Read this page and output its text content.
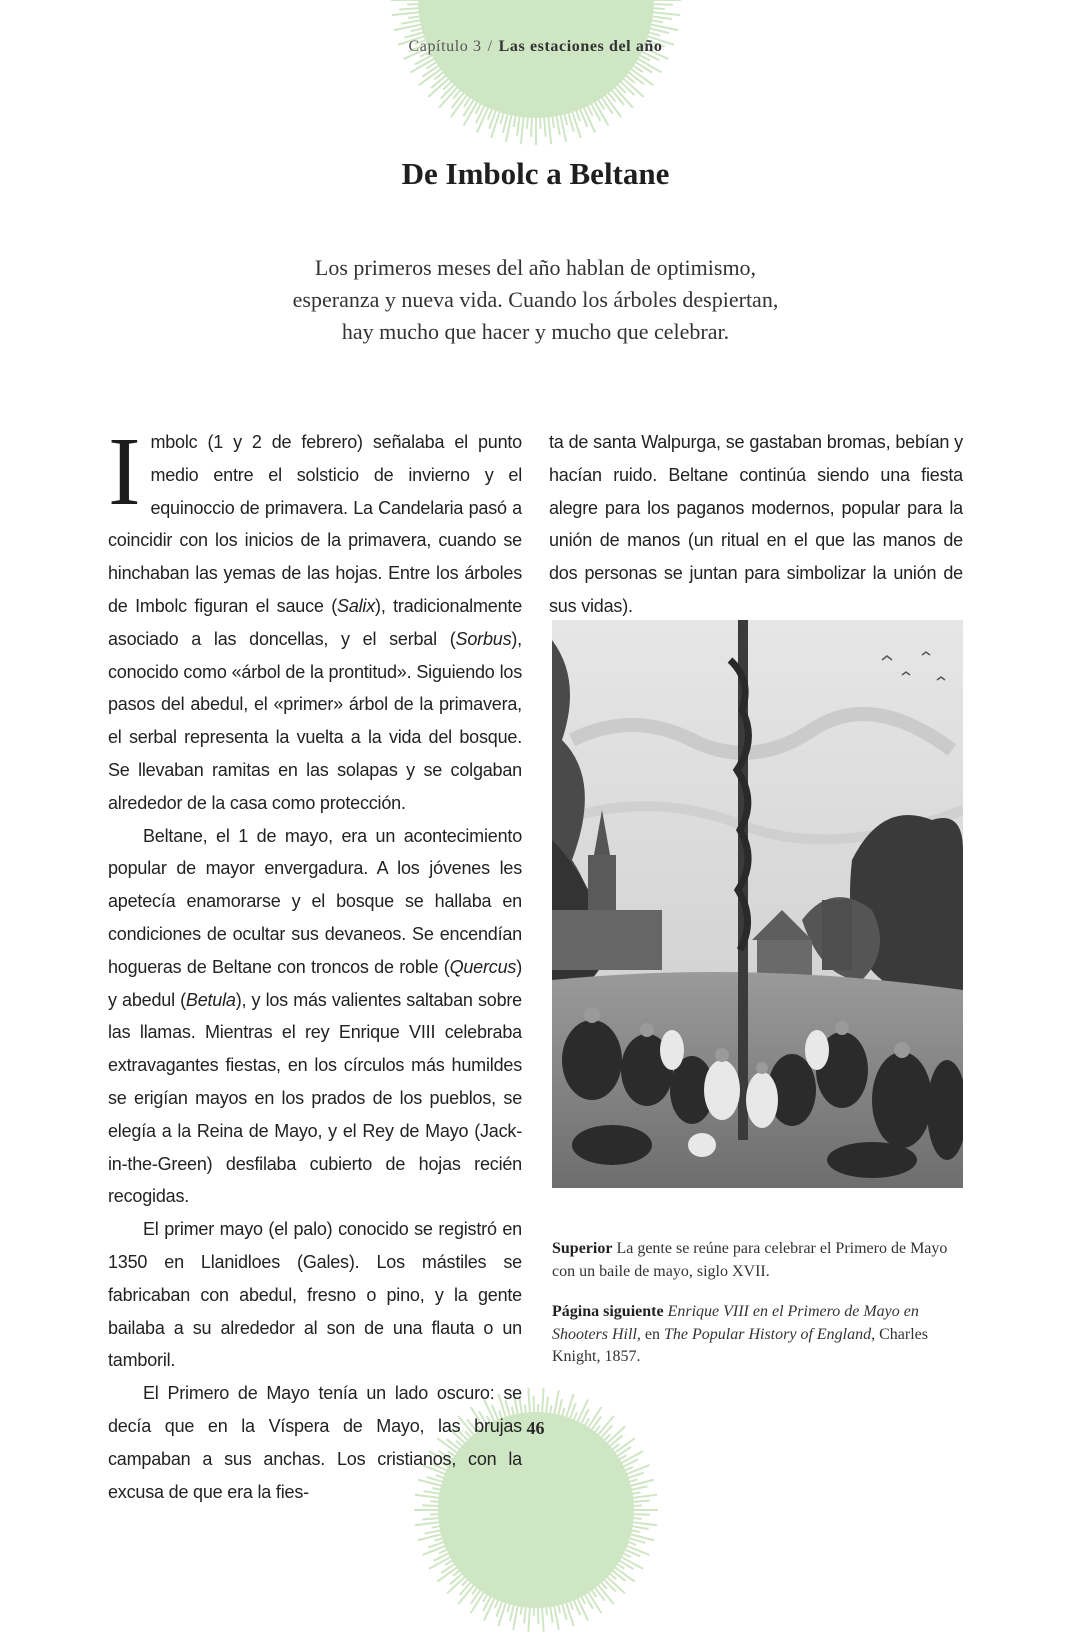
Capítulo 3 / Las estaciones del año
De Imbolc a Beltane
Los primeros meses del año hablan de optimismo,
esperanza y nueva vida. Cuando los árboles despiertan,
hay mucho que hacer y mucho que celebrar.

Imbolc (1 y 2 de febrero) señalaba el punto medio entre el solsticio de invierno y el equinoccio de primavera. La Candelaria pasó a coincidir con los inicios de la primavera, cuando se hinchaban las yemas de las hojas. Entre los árboles de Imbolc figuran el sauce (Salix), tradicionalmente asociado a las doncellas, y el serbal (Sorbus), conocido como «árbol de la prontitud». Siguiendo los pasos del abedul, el «primer» árbol de la primavera, el serbal representa la vuelta a la vida del bosque. Se llevaban ramitas en las solapas y se colgaban alrededor de la casa como protección.

Beltane, el 1 de mayo, era un acontecimiento popular de mayor envergadura. A los jóvenes les apetecía enamorarse y el bosque se hallaba en condiciones de ocultar sus devaneos. Se encendían hogueras de Beltane con troncos de roble (Quercus) y abedul (Betula), y los más valientes saltaban sobre las llamas. Mientras el rey Enrique VIII celebraba extravagantes fiestas, en los círculos más humildes se erigían mayos en los prados de los pueblos, se elegía a la Reina de Mayo, y el Rey de Mayo (Jack-in-the-Green) desfilaba cubierto de hojas recién recogidas.

El primer mayo (el palo) conocido se registró en 1350 en Llanidloes (Gales). Los mástiles se fabricaban con abedul, fresno o pino, y la gente bailaba a su alrededor al son de una flauta o un tamboril.

El Primero de Mayo tenía un lado oscuro: se decía que en la Víspera de Mayo, las brujas campaban a sus anchas. Los cristianos, con la excusa de que era la fies-

ta de santa Walpurga, se gastaban bromas, bebían y hacían ruido. Beltane continúa siendo una fiesta alegre para los paganos modernos, popular para la unión de manos (un ritual en el que las manos de dos personas se juntan para simbolizar la unión de sus vidas).

Superior La gente se reúne para celebrar el Primero de Mayo con un baile de mayo, siglo XVII.

Página siguiente Enrique VIII en el Primero de Mayo en Shooters Hill, en The Popular History of England, Charles Knight, 1857.

46
